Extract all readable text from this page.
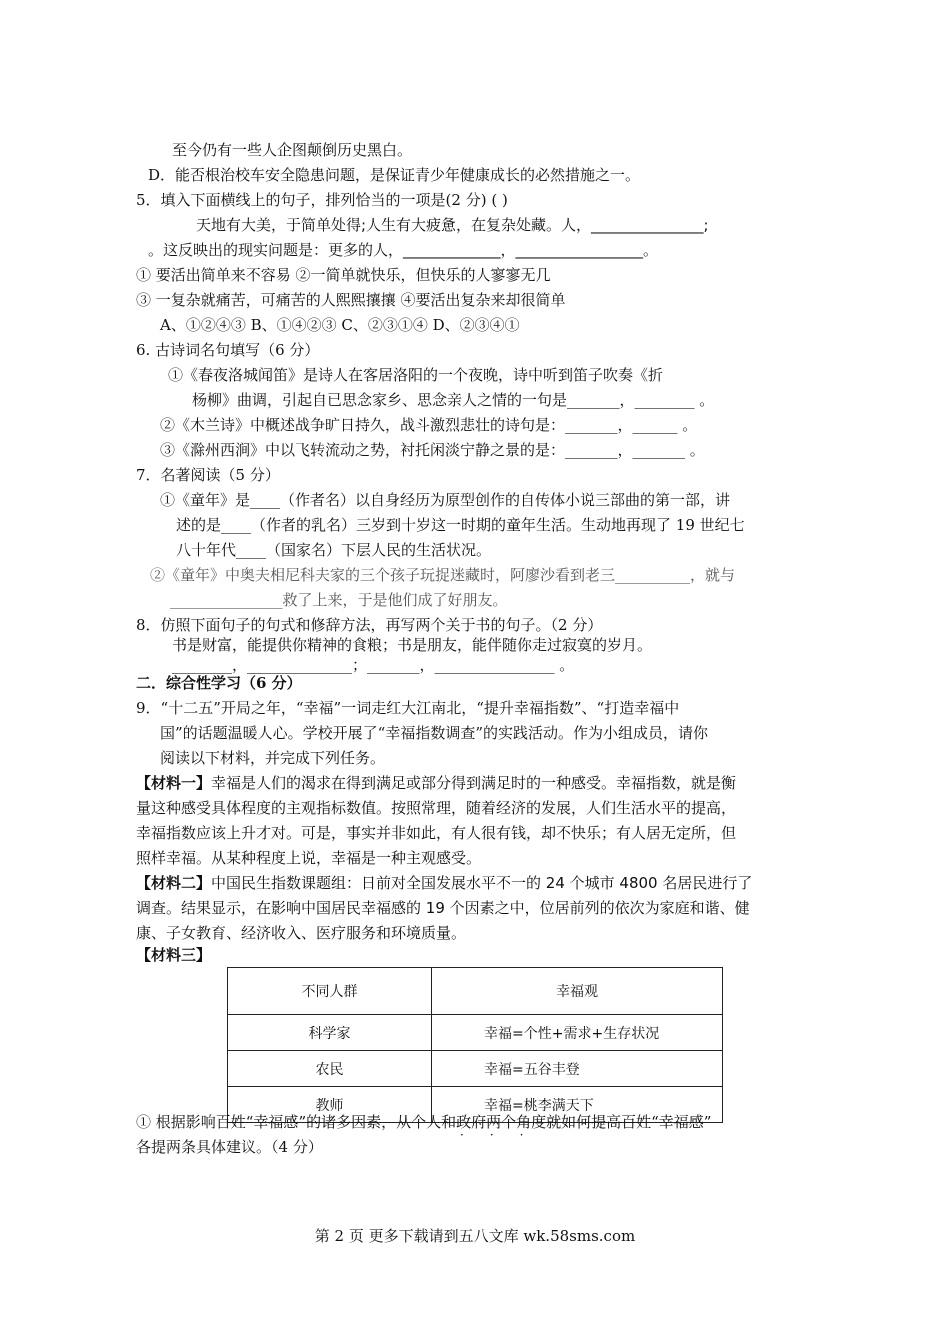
至今仍有一些人企图颠倒历史黑白。
D．能否根治校车安全隐患问题，是保证青少年健康成长的必然措施之一。
5．填入下面横线上的句子，排列恰当的一项是(2 分) ( )
天地有大美，于简单处得;人生有大疲惫，在复杂处藏。人，_______________;
。这反映出的现实问题是：更多的人，_____________，_________________。
① 要活出简单来不容易 ②一简单就快乐，但快乐的人寥寥无几
③ 一复杂就痛苦，可痛苦的人熙熙攘攘 ④要活出复杂来却很简单
A、①②④③ B、①④②③ C、②③①④ D、②③④①
6. 古诗词名句填写（6 分）
①《春夜洛城闻笛》是诗人在客居洛阳的一个夜晚，诗中听到笛子吹奏《折
杨柳》曲调，引起自已思念家乡、思念亲人之情的一句是_______，________ 。
②《木兰诗》中概述战争旷日持久，战斗激烈悲壮的诗句是：_______，______ 。
③《滁州西涧》中以飞转流动之势，衬托闲淡宁静之景的是：_______，_______ 。
7．名著阅读（5 分）
①《童年》是____（作者名）以自身经历为原型创作的自传体小说三部曲的第一部，讲
述的是____（作者的乳名）三岁到十岁这一时期的童年生活。生动地再现了 19 世纪七
八十年代____（国家名）下层人民的生活状况。
②《童年》中奥夫相尼科夫家的三个孩子玩捉迷藏时，阿廖沙看到老三__________，就与
_______________救了上来，于是他们成了好朋友。
8．仿照下面句子的句式和修辞方法，再写两个关于书的句子。（2 分）
书是财富，能提供你精神的食粮；书是朋友，能伴随你走过寂寞的岁月。
________，______________；_______，________________ 。
二．综合性学习（6 分）
9．“十二五”开局之年，“幸福”一词走红大江南北，“提升幸福指数”、“打造幸福中
国”的话题温暖人心。学校开展了“幸福指数调查”的实践活动。作为小组成员，请你
阅读以下材料，并完成下列任务。
【材料一】幸福是人们的渴求在得到满足或部分得到满足时的一种感受。幸福指数，就是衡
量这种感受具体程度的主观指标数值。按照常理，随着经济的发展，人们生活水平的提高，
幸福指数应该上升才对。可是，事实并非如此，有人很有钱，却不快乐；有人居无定所，但
照样幸福。从某种程度上说，幸福是一种主观感受。
【材料二】中国民生指数课题组：日前对全国发展水平不一的 24 个城市 4800 名居民进行了
调查。结果显示，在影响中国居民幸福感的 19 个因素之中，位居前列的依次为家庭和谐、健
康、子女教育、经济收入、医疗服务和环境质量。
【材料三】
不同人群	幸福观
科学家	幸福=个性+需求+生存状况
农民	幸福=五谷丰登
教师	幸福=桃李满天下
① 根据影响百姓“幸福感”的诸多因素，从个人和政府两个角度就如何提高百姓“幸福感”
···
各提两条具体建议。（4 分）
第 2 页 更多下载请到五八文库 wk.58sms.com
